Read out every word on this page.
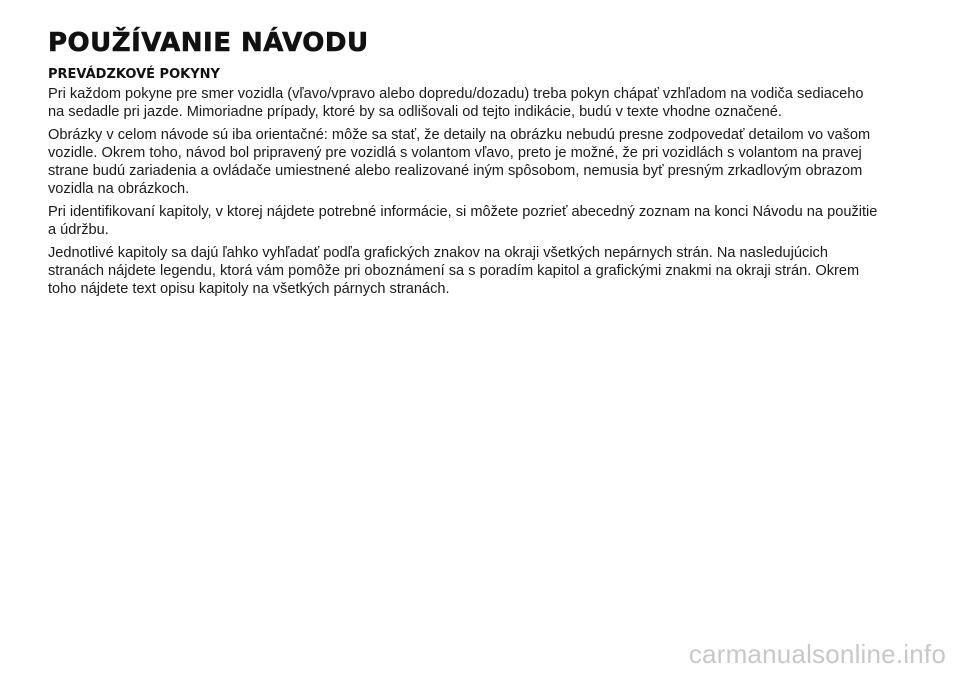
POUŽÍVANIE NÁVODU
PREVÁDZKOVÉ POKYNY

Pri každom pokyne pre smer vozidla (vľavo/vpravo alebo dopredu/dozadu) treba pokyn chápať vzhľadom na vodiča sediaceho na sedadle pri jazde. Mimoriadne prípady, ktoré by sa odlišovali od tejto indikácie, budú v texte vhodne označené.

Obrázky v celom návode sú iba orientačné: môže sa stať, že detaily na obrázku nebudú presne zodpovedať detailom vo vašom vozidle. Okrem toho, návod bol pripravený pre vozidlá s volantom vľavo, preto je možné, že pri vozidlách s volantom na pravej strane budú zariadenia a ovládače umiestnené alebo realizované iným spôsobom, nemusia byť presným zrkadlovým obrazom vozidla na obrázkoch.

Pri identifikovaní kapitoly, v ktorej nájdete potrebné informácie, si môžete pozrieť abecedný zoznam na konci Návodu na použitie a údržbu.

Jednotlivé kapitoly sa dajú ľahko vyhľadať podľa grafických znakov na okraji všetkých nepárnych strán. Na nasledujúcich stranách nájdete legendu, ktorá vám pomôže pri oboznámení sa s poradím kapitol a grafickými znakmi na okraji strán. Okrem toho nájdete text opisu kapitoly na všetkých párnych stranách.

carmanualsonline.info
